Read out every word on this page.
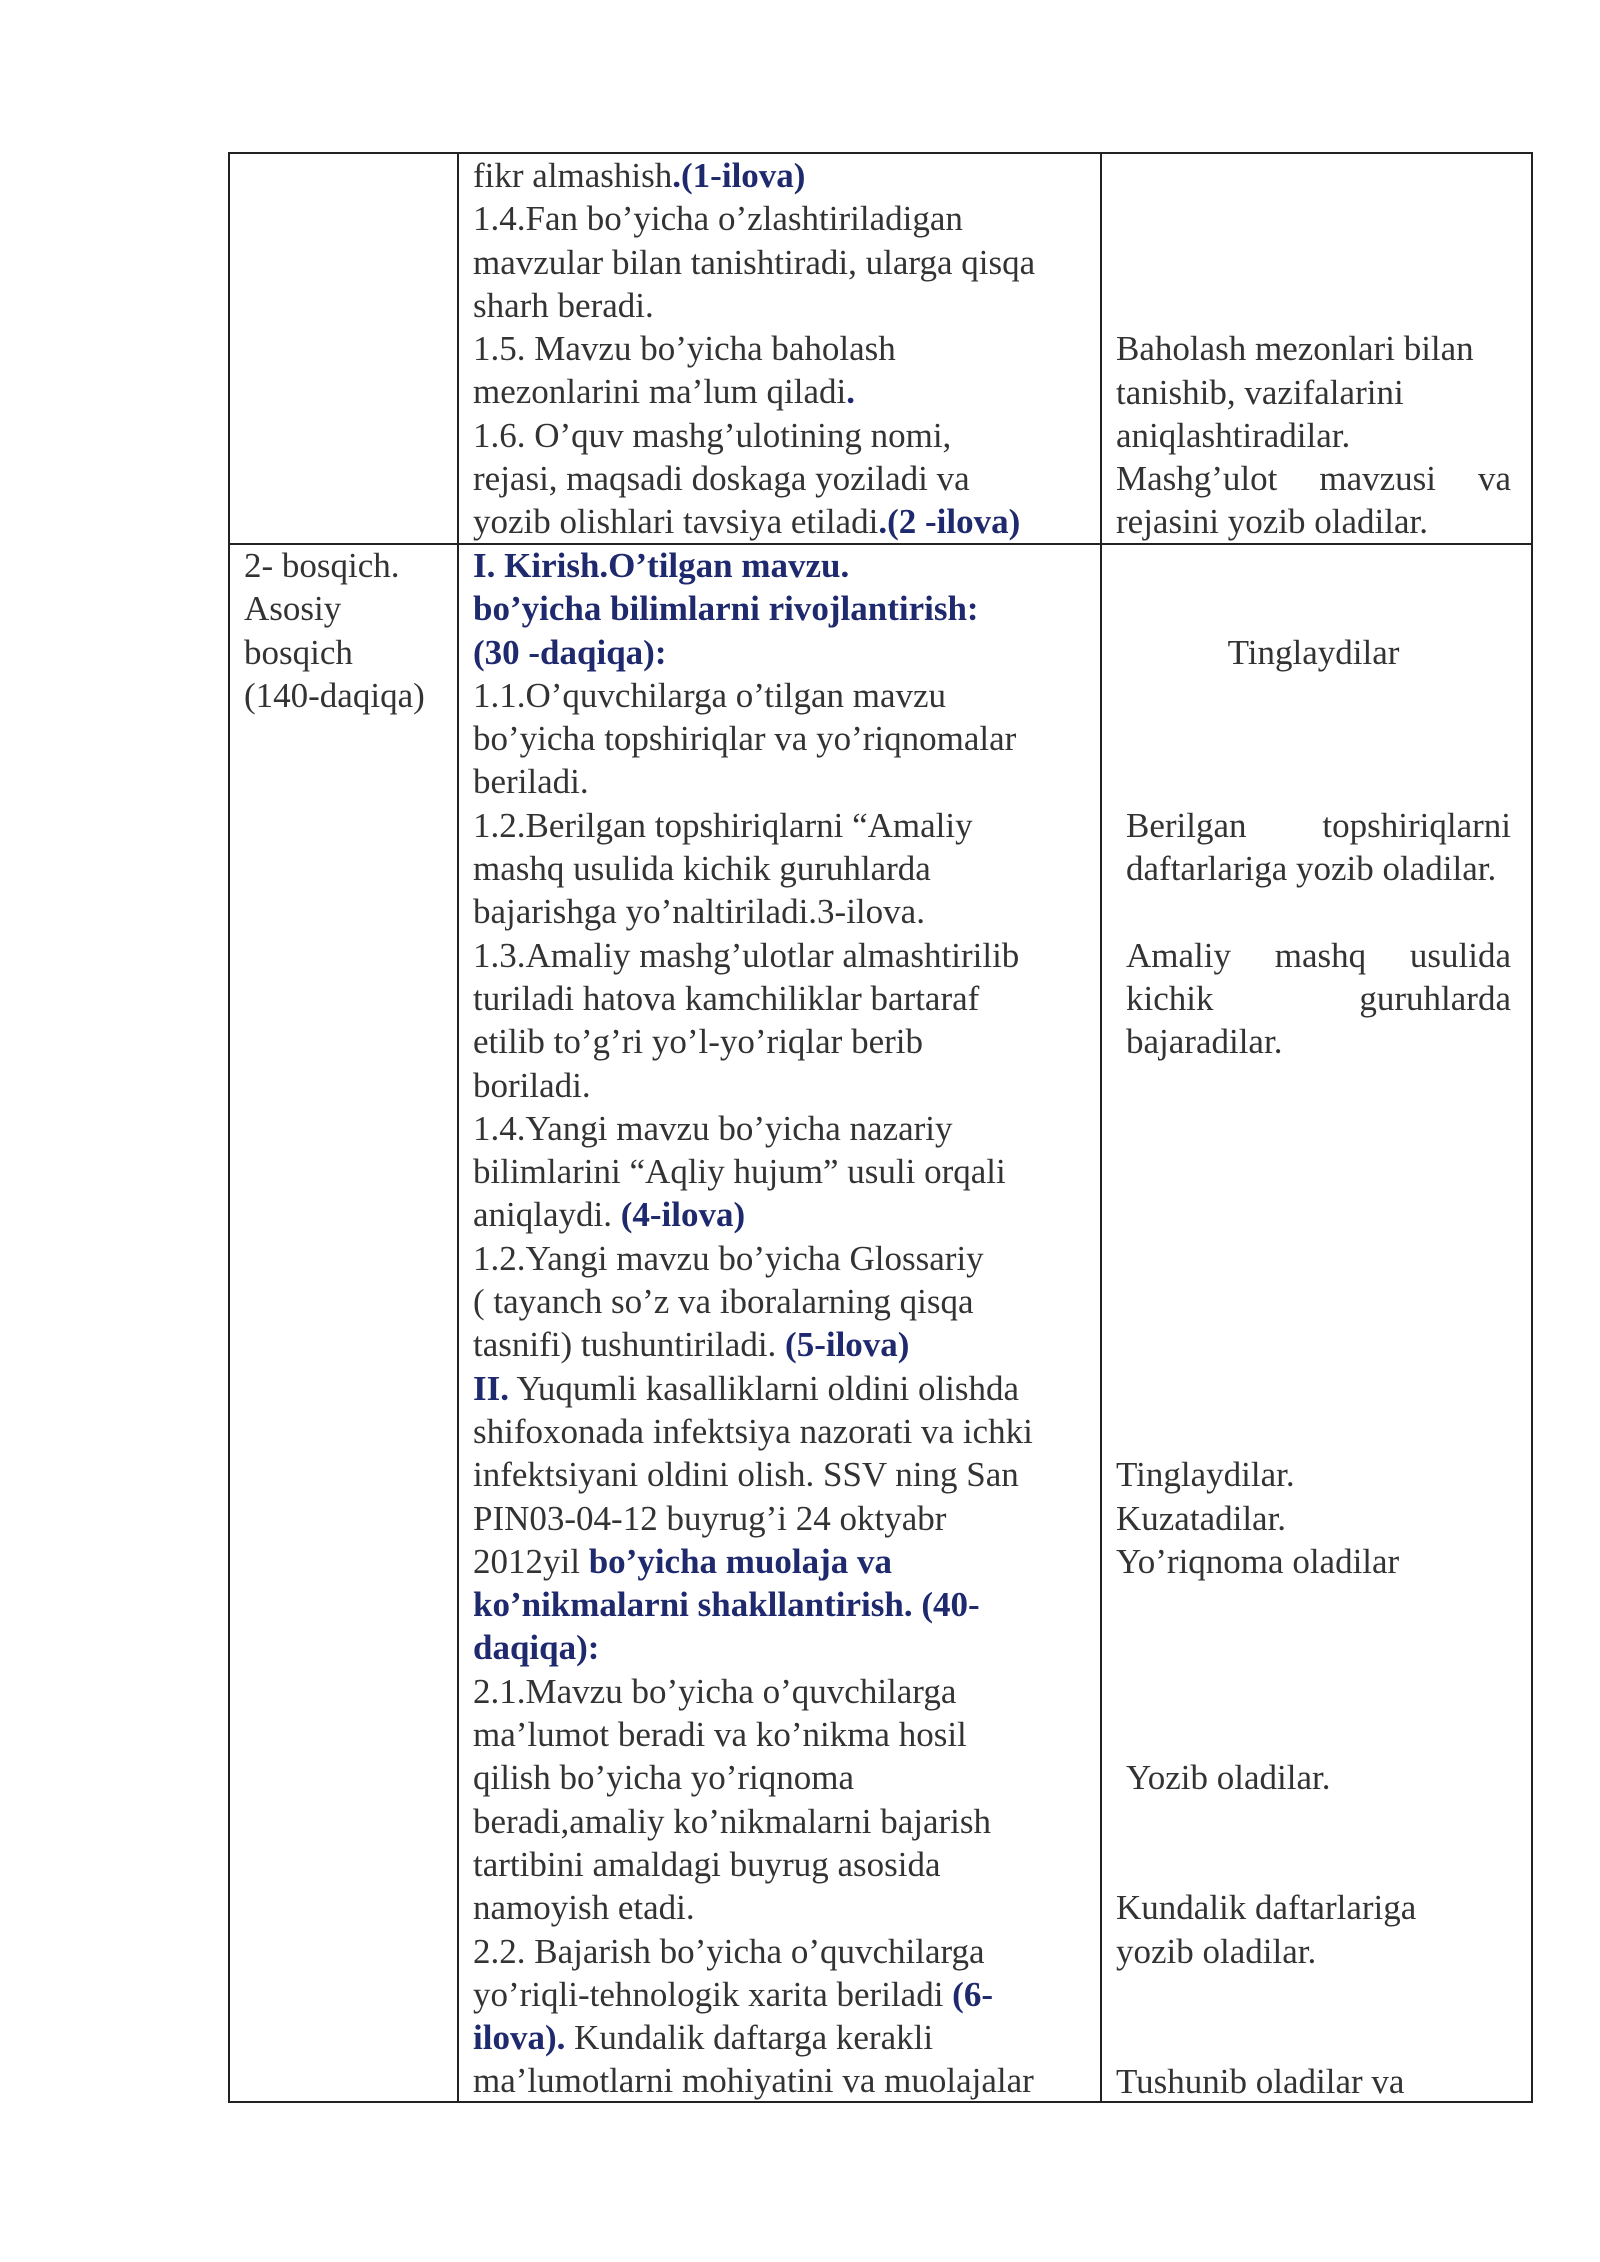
fikr almashish.(1-ilova)
1.4.Fan bo’yicha o’zlashtiriladigan
mavzular bilan tanishtiradi, ularga qisqa
sharh beradi.
1.5. Mavzu bo’yicha baholash
mezonlarini ma’lum qiladi.
1.6. O’quv mashg’ulotining nomi,
rejasi, maqsadi doskaga yoziladi va
yozib olishlari tavsiya etiladi.(2 -ilova)
Baholash mezonlari bilan
tanishib, vazifalarini
aniqlashtiradilar.
Mashg’ulot mavzusi va
rejasini yozib oladilar.
2- bosqich.
Asosiy
bosqich
(140-daqiqa)
I. Kirish.O’tilgan mavzu.
bo’yicha bilimlarni rivojlantirish:
(30 -daqiqa):
1.1.O’quvchilarga o’tilgan mavzu
bo’yicha topshiriqlar va yo’riqnomalar
beriladi.
1.2.Berilgan topshiriqlarni “Amaliy
mashq usulida kichik guruhlarda
bajarishga yo’naltiriladi.3-ilova.
1.3.Amaliy mashg’ulotlar almashtirilib
turiladi hatova kamchiliklar bartaraf
etilib to’g’ri yo’l-yo’riqlar berib
boriladi.
1.4.Yangi mavzu bo’yicha nazariy
bilimlarini “Aqliy hujum” usuli orqali
aniqlaydi. (4-ilova)
1.2.Yangi mavzu bo’yicha Glossariy
( tayanch so’z va iboralarning qisqa
tasnifi) tushuntiriladi. (5-ilova)
II. Yuqumli kasalliklarni oldini olishda
shifoxonada infektsiya nazorati va ichki
infektsiyani oldini olish. SSV ning San
PIN03-04-12 buyrug’i 24 oktyabr
2012yil bo’yicha muolaja va
ko’nikmalarni shakllantirish. (40-
daqiqa):
2.1.Mavzu bo’yicha o’quvchilarga
ma’lumot beradi va ko’nikma hosil
qilish bo’yicha yo’riqnoma
beradi,amaliy ko’nikmalarni bajarish
tartibini amaldagi buyrug asosida
namoyish etadi.
2.2. Bajarish bo’yicha o’quvchilarga
yo’riqli-tehnologik xarita beriladi (6-
ilova). Kundalik daftarga kerakli
ma’lumotlarni mohiyatini va muolajalar
Tinglaydilar
Berilgan topshiriqlarni
daftarlariga yozib oladilar.
Amaliy mashq usulida
kichik guruhlarda
bajaradilar.
Tinglaydilar.
Kuzatadilar.
Yo’riqnoma oladilar
Yozib oladilar.
Kundalik daftarlariga
yozib oladilar.
Tushunib oladilar va
